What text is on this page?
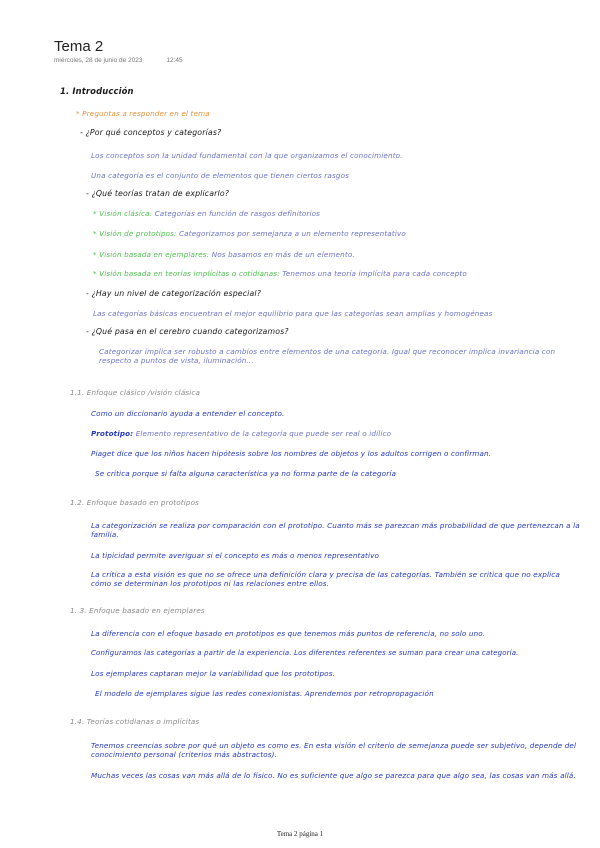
Tema 2
miércoles, 28 de junio de 2023	12:45
1. Introducción
* Preguntas a responder en el tema
- ¿Por qué conceptos y categorías?
Los conceptos son la unidad fundamental con la que organizamos el conocimiento.
Una categoría es el conjunto de elementos que tienen ciertos rasgos
- ¿Qué teorías tratan de explicarlo?
* Visión clásica: Categorías en función de rasgos definitorios
* Visión de prototipos: Categorizamos por semejanza a un elemento representativo
* Visión basada en ejemplares: Nos basamos en más de un elemento.
* Visión basada en teorías implícitas o cotidianas: Tenemos una teoría implícita para cada concepto
- ¿Hay un nivel de categorización especial?
Las categorías básicas encuentran el mejor equilibrio para que las categorías sean amplias y homogéneas
- ¿Qué pasa en el cerebro cuando categorizamos?
Categorizar implica ser robusto a cambios entre elementos de una categoría. Igual que reconocer implica invariancia con respecto a puntos de vista, iluminación...
1.1. Enfoque clásico /visión clásica
Como un diccionario ayuda a entender el concepto.
Prototipo: Elemento representativo de la categoría que puede ser real o idílico
Piaget dice que los niños hacen hipótesis sobre los nombres de objetos y los adultos corrigen o confirman.
Se critica porque si falta alguna característica ya no forma parte de la categoría
1.2. Enfoque basado en prototipos
La categorización se realiza por comparación con el prototipo. Cuanto más se parezcan más probabilidad de que pertenezcan a la familia.
La tipicidad permite averiguar si el concepto es más o menos representativo
La crítica a esta visión es que no se ofrece una definición clara y precisa de las categorías. También se critica que no explica cómo se determinan los prototipos ni las relaciones entre ellos.
1. 3. Enfoque basado en ejemplares
La diferencia con el efoque basado en prototipos es que tenemos más puntos de referencia, no solo uno.
Configuramos las categorías a partir de la experiencia. Los diferentes referentes se suman para crear una categoría.
Los ejemplares captaran mejor la variabilidad que los prototipos.
El modelo de ejemplares sigue las redes conexionistas. Aprendemos por retropropagación
1.4. Teorías cotidianas o implícitas
Tenemos creencias sobre por qué un objeto es como es. En esta visión el criterio de semejanza puede ser subjetivo, depende del conocimiento personal (criterios más abstractos).
Muchas veces las cosas van más allá de lo físico. No es suficiente que algo se parezca para que algo sea, las cosas van más allá.
Tema 2 página 1
